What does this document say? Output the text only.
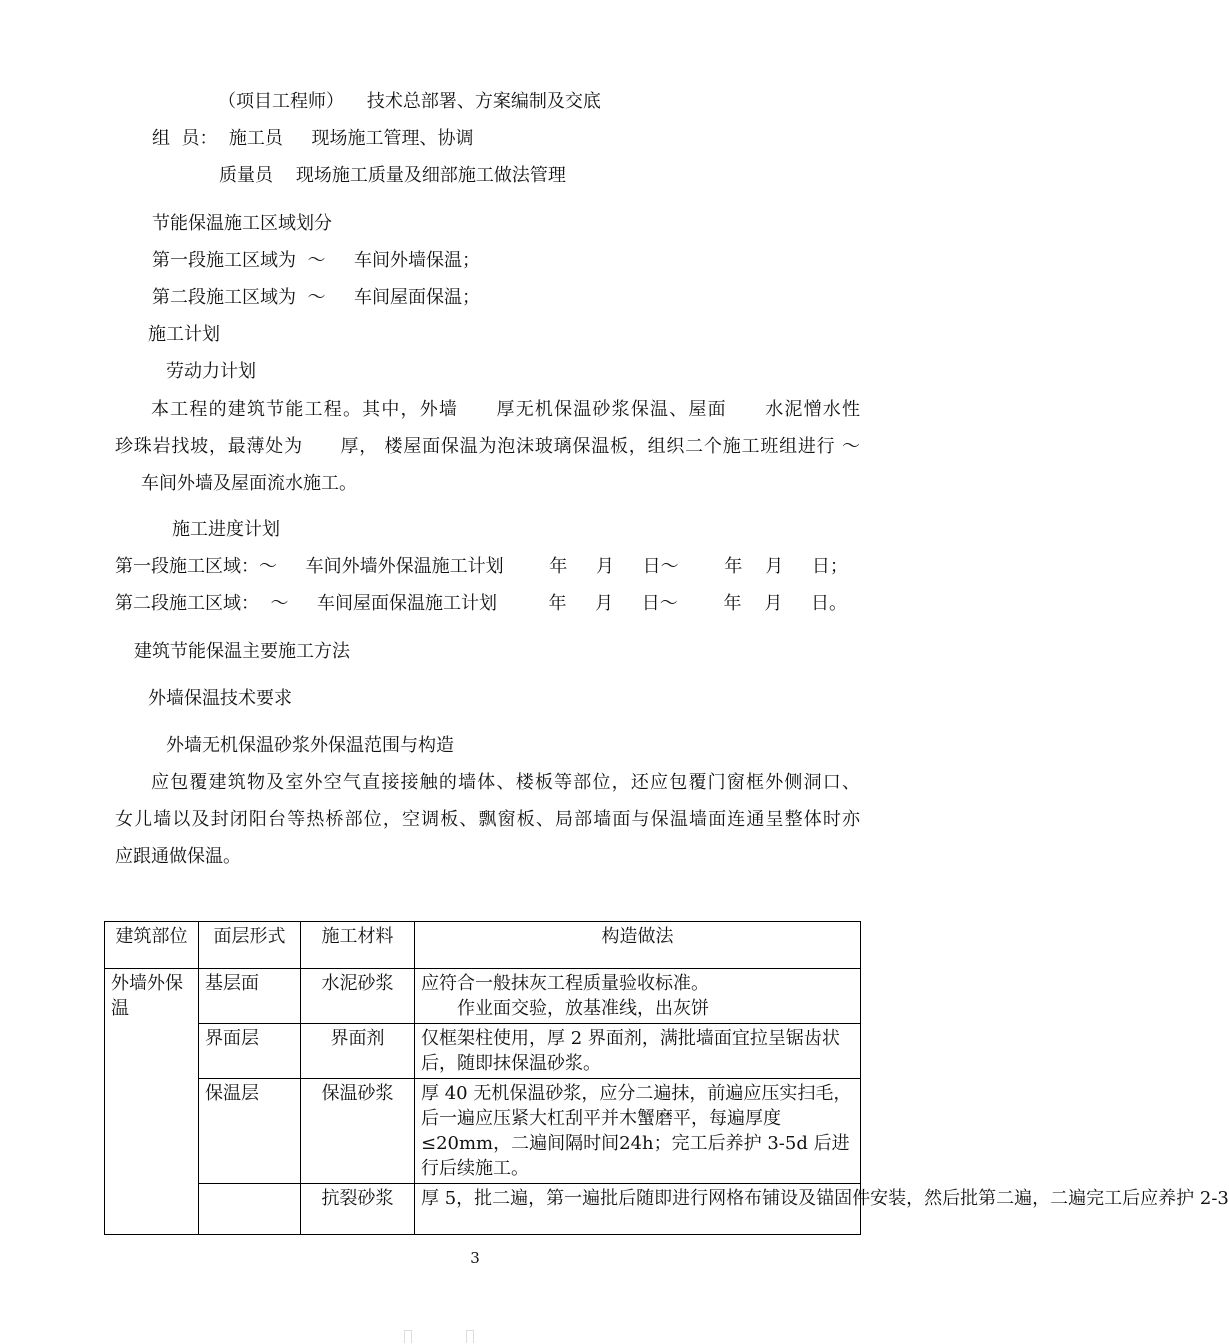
（项目工程师）    技术总部署、方案编制及交底
组  员：  施工员     现场施工管理、协调
质量员    现场施工质量及细部施工做法管理
节能保温施工区域划分
第一段施工区域为  ～     车间外墙保温；
第二段施工区域为  ～     车间屋面保温；
施工计划
劳动力计划
本工程的建筑节能工程。其中，外墙　　厚无机保温砂浆保温、屋面　　水泥憎水性
珍珠岩找坡，最薄处为　　厚， 楼屋面保温为泡沫玻璃保温板，组织二个施工班组进行 ～
车间外墙及屋面流水施工。
施工进度计划
第一段施工区域：～     车间外墙外保温施工计划        年     月     日～        年    月     日；
第二段施工区域：  ～     车间屋面保温施工计划         年     月     日～        年    月     日。
建筑节能保温主要施工方法
外墙保温技术要求
外墙无机保温砂浆外保温范围与构造
应包覆建筑物及室外空气直接接触的墙体、楼板等部位，还应包覆门窗框外侧洞口、
女儿墙以及封闭阳台等热桥部位，空调板、飘窗板、局部墙面与保温墙面连通呈整体时亦
应跟通做保温。
建筑部位	面层形式	施工材料	构造做法
外墙外保温	基层面	水泥砂浆	应符合一般抹灰工程质量验收标准。
　　作业面交验，放基准线，出灰饼
	界面层	界面剂	仅框架柱使用，厚 2 界面剂，满批墙面宜拉呈锯齿状后，随即抹保温砂浆。
	保温层	保温砂浆	厚 40 无机保温砂浆，应分二遍抹，前遍应压实扫毛，后一遍应压紧大杠刮平并木蟹磨平，每遍厚度≤20mm，二遍间隔时间24h；完工后养护 3-5d 后进行后续施工。
		抗裂砂浆	厚 5，批二遍，第一遍批后随即进行网格布铺设及锚固件安装，然后批第二遍，二遍完工后应养护 2-3
3
